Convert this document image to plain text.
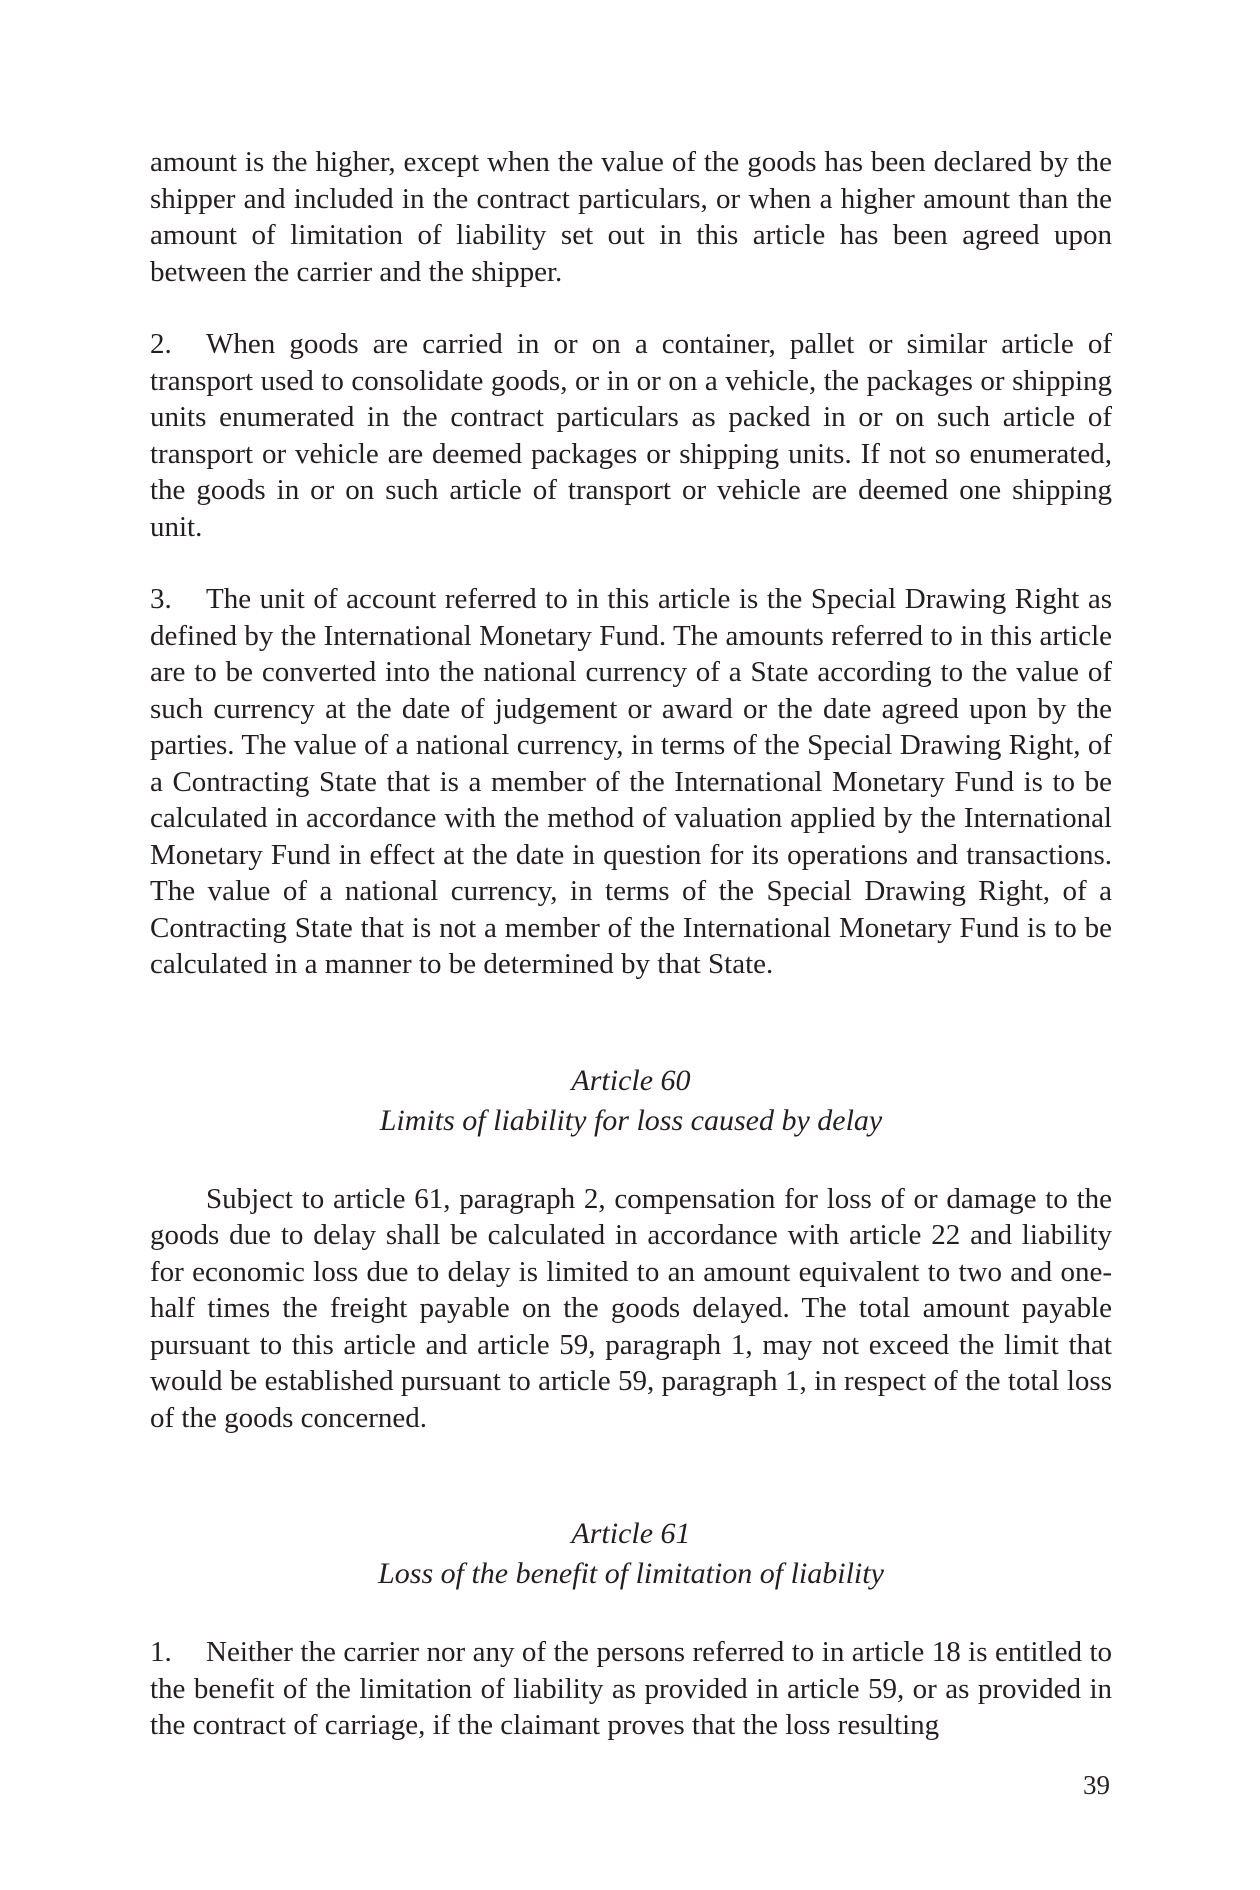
amount is the higher, except when the value of the goods has been declared by the shipper and included in the contract particulars, or when a higher amount than the amount of limitation of liability set out in this article has been agreed upon between the carrier and the shipper.

2. When goods are carried in or on a container, pallet or similar article of transport used to consolidate goods, or in or on a vehicle, the packages or shipping units enumerated in the contract particulars as packed in or on such article of transport or vehicle are deemed packages or shipping units. If not so enumerated, the goods in or on such article of transport or vehicle are deemed one shipping unit.

3. The unit of account referred to in this article is the Special Drawing Right as defined by the International Monetary Fund. The amounts referred to in this article are to be converted into the national currency of a State according to the value of such currency at the date of judgement or award or the date agreed upon by the parties. The value of a national currency, in terms of the Special Drawing Right, of a Contracting State that is a member of the International Monetary Fund is to be calculated in accordance with the method of valuation applied by the International Monetary Fund in effect at the date in question for its operations and transactions. The value of a national currency, in terms of the Special Drawing Right, of a Contracting State that is not a member of the International Monetary Fund is to be calculated in a manner to be determined by that State.

Article 60

Limits of liability for loss caused by delay

Subject to article 61, paragraph 2, compensation for loss of or damage to the goods due to delay shall be calculated in accordance with article 22 and liability for economic loss due to delay is limited to an amount equivalent to two and one-half times the freight payable on the goods delayed. The total amount payable pursuant to this article and article 59, paragraph 1, may not exceed the limit that would be established pursuant to article 59, paragraph 1, in respect of the total loss of the goods concerned.

Article 61

Loss of the benefit of limitation of liability

1. Neither the carrier nor any of the persons referred to in article 18 is entitled to the benefit of the limitation of liability as provided in article 59, or as provided in the contract of carriage, if the claimant proves that the loss resulting

39
